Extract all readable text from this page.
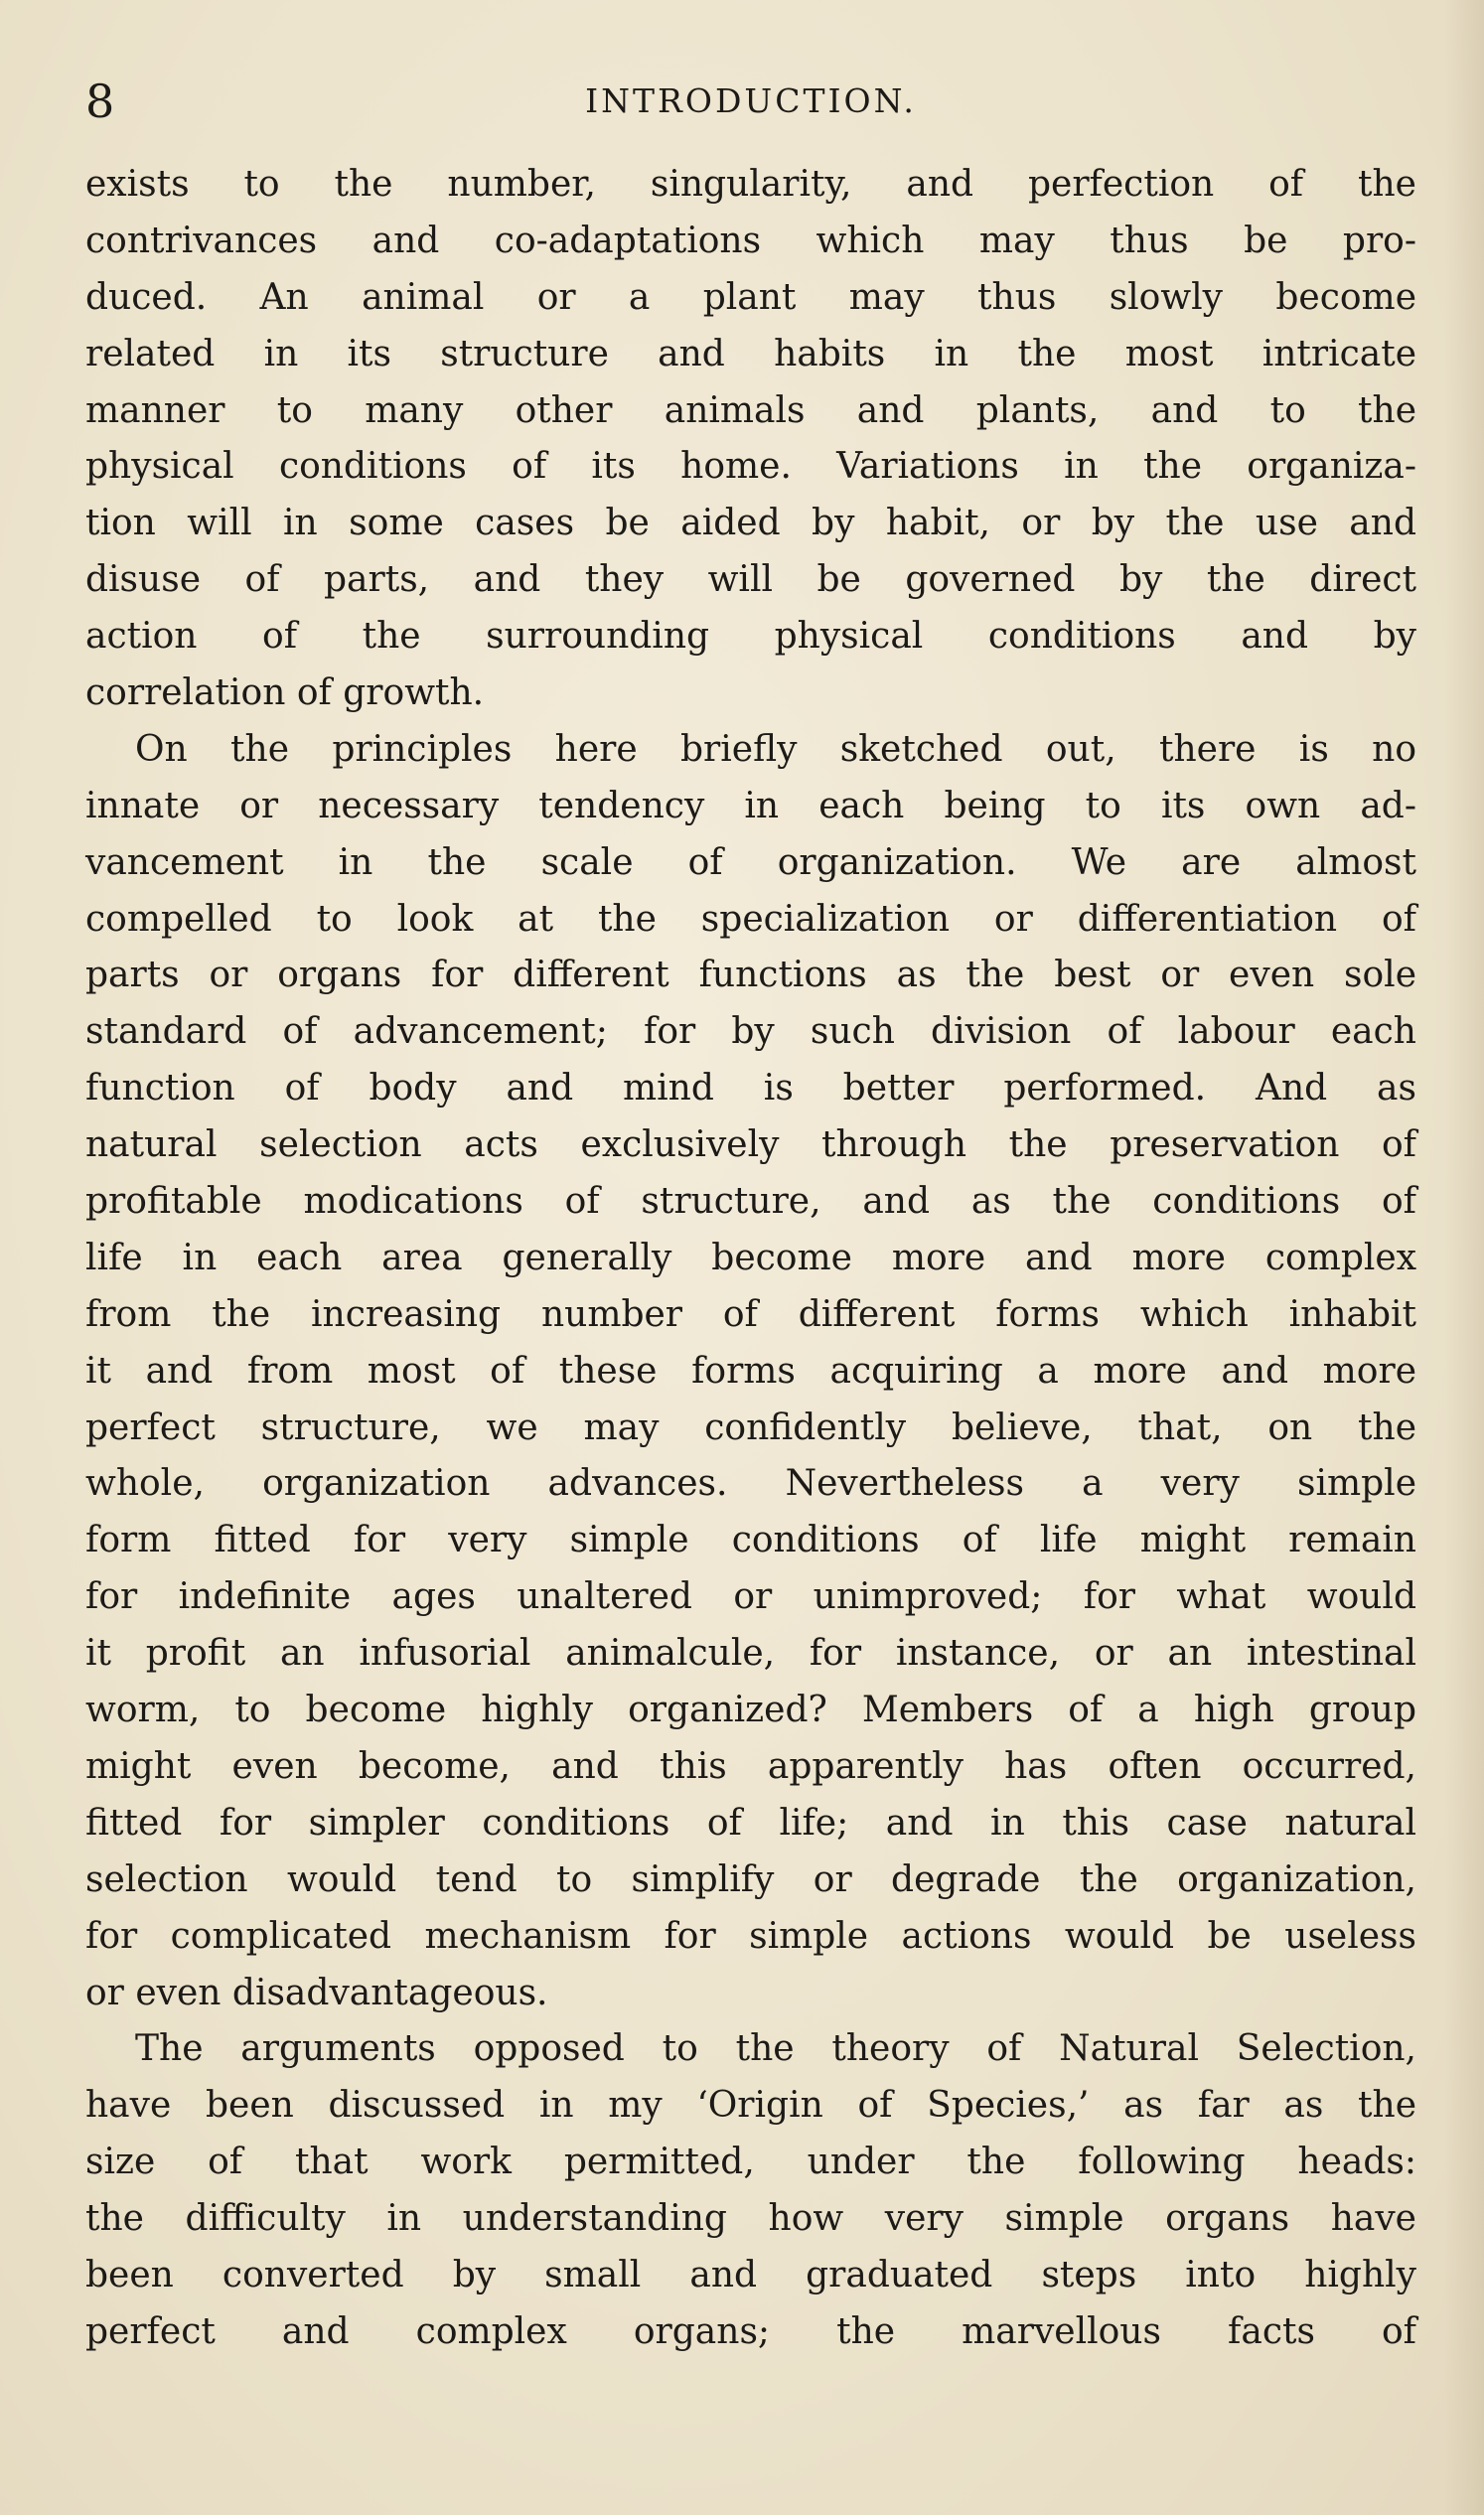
8	INTRODUCTION.
exists to the number, singularity, and perfection of the
contrivances and co-adaptations which may thus be pro-
duced. An animal or a plant may thus slowly become
related in its structure and habits in the most intricate
manner to many other animals and plants, and to the
physical conditions of its home. Variations in the organiza-
tion will in some cases be aided by habit, or by the use and
disuse of parts, and they will be governed by the direct
action of the surrounding physical conditions and by
correlation of growth.
On the principles here briefly sketched out, there is no
innate or necessary tendency in each being to its own ad-
vancement in the scale of organization. We are almost
compelled to look at the specialization or differentiation of
parts or organs for different functions as the best or even sole
standard of advancement; for by such division of labour each
function of body and mind is better performed. And as
natural selection acts exclusively through the preservation of
profitable modications of structure, and as the conditions of
life in each area generally become more and more complex
from the increasing number of different forms which inhabit
it and from most of these forms acquiring a more and more
perfect structure, we may confidently believe, that, on the
whole, organization advances. Nevertheless a very simple
form fitted for very simple conditions of life might remain
for indefinite ages unaltered or unimproved; for what would
it profit an infusorial animalcule, for instance, or an intestinal
worm, to become highly organized? Members of a high group
might even become, and this apparently has often occurred,
fitted for simpler conditions of life; and in this case natural
selection would tend to simplify or degrade the organization,
for complicated mechanism for simple actions would be useless
or even disadvantageous.
The arguments opposed to the theory of Natural Selection,
have been discussed in my ‘Origin of Species,’ as far as the
size of that work permitted, under the following heads:
the difficulty in understanding how very simple organs have
been converted by small and graduated steps into highly
perfect and complex organs; the marvellous facts of
